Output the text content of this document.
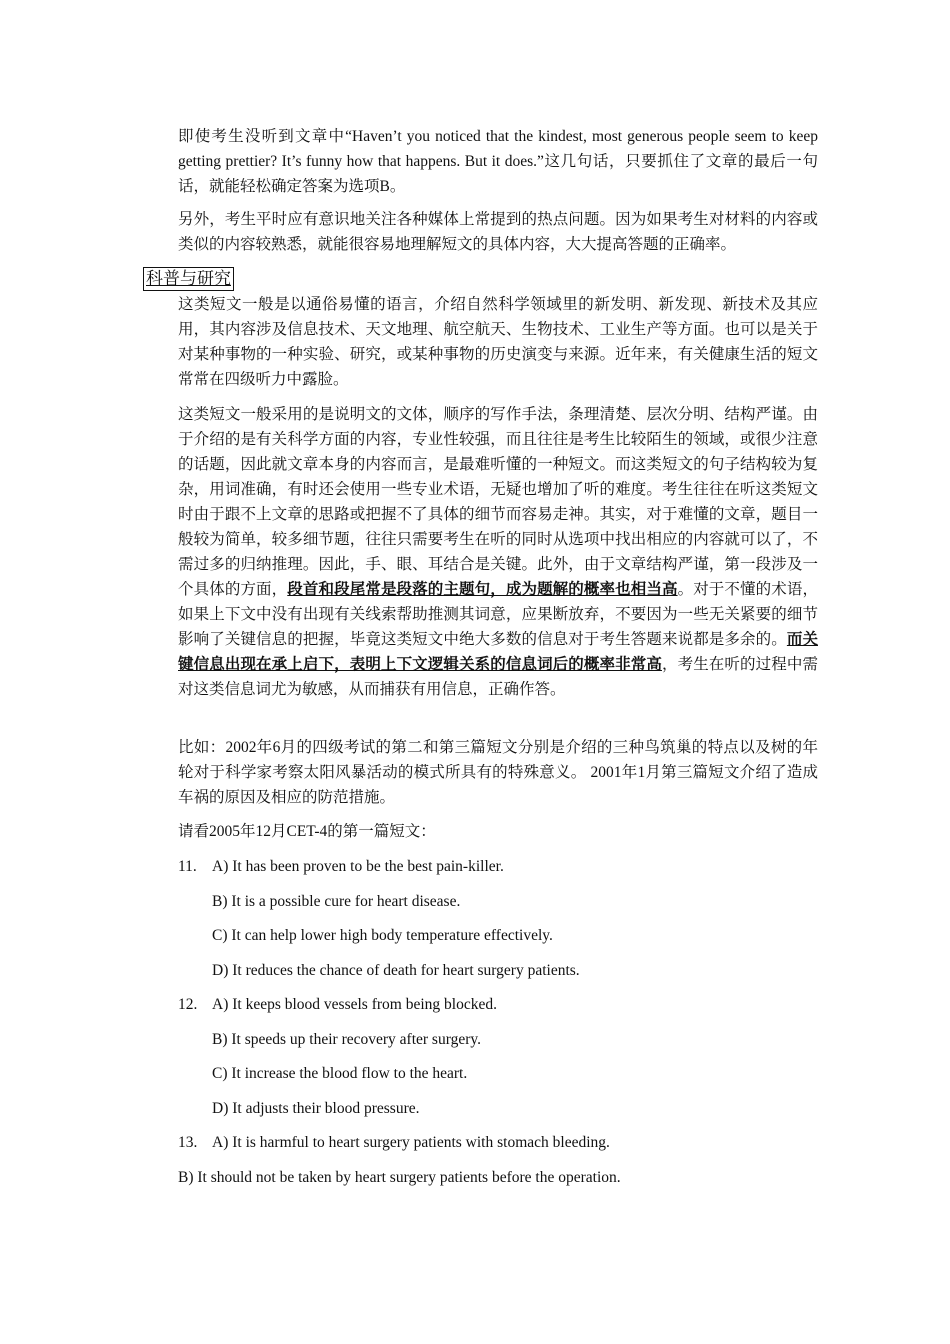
即使考生没听到文章中“Haven’t you noticed that the kindest, most generous people seem to keep getting prettier? It’s funny how that happens. But it does.”这几句话，只要抓住了文章的最后一句话，就能轻松确定答案为选项B。

另外，考生平时应有意识地关注各种媒体上常提到的热点问题。因为如果考生对材料的内容或类似的内容较熟悉，就能很容易地理解短文的具体内容，大大提高答题的正确率。

科普与研究

这类短文一般是以通俗易懂的语言，介绍自然科学领域里的新发明、新发现、新技术及其应用，其内容涉及信息技术、天文地理、航空航天、生物技术、工业生产等方面。也可以是关于对某种事物的一种实验、研究，或某种事物的历史演变与来源。近年来，有关健康生活的短文常常在四级听力中露脸。

这类短文一般采用的是说明文的文体，顺序的写作手法，条理清楚、层次分明、结构严谨。由于介绍的是有关科学方面的内容，专业性较强，而且往往是考生比较陌生的领域，或很少注意的话题，因此就文章本身的内容而言，是最难听懂的一种短文。而这类短文的句子结构较为复杂，用词准确，有时还会使用一些专业术语，无疑也增加了听的难度。考生往往在听这类短文时由于跟不上文章的思路或把握不了具体的细节而容易走神。其实，对于难懂的文章，题目一般较为简单，较多细节题，往往只需要考生在听的同时从选项中找出相应的内容就可以了，不需过多的归纳推理。因此，手、眼、耳结合是关键。此外，由于文章结构严谨，第一段涉及一个具体的方面，段首和段尾常是段落的主题句，成为题解的概率也相当高。对于不懂的术语，如果上下文中没有出现有关线索帮助推测其词意，应果断放弃，不要因为一些无关紧要的细节影响了关键信息的把握，毕竟这类短文中绝大多数的信息对于考生答题来说都是多余的。而关键信息出现在承上启下，表明上下文逻辑关系的信息词后的概率非常高，考生在听的过程中需对这类信息词尤为敏感，从而捕获有用信息，正确作答。

比如：2002年6月的四级考试的第二和第三篇短文分别是介绍的三种鸟筑巢的特点以及树的年轮对于科学家考察太阳风暴活动的模式所具有的特殊意义。 2001年1月第三篇短文介绍了造成车祸的原因及相应的防范措施。

请看2005年12月CET-4的第一篇短文：

11. A) It has been proven to be the best pain-killer.

B) It is a possible cure for heart disease.

C) It can help lower high body temperature effectively.

D) It reduces the chance of death for heart surgery patients.

12. A) It keeps blood vessels from being blocked.

B) It speeds up their recovery after surgery.

C) It increase the blood flow to the heart.

D) It adjusts their blood pressure.

13. A) It is harmful to heart surgery patients with stomach bleeding.

B) It should not be taken by heart surgery patients before the operation.
